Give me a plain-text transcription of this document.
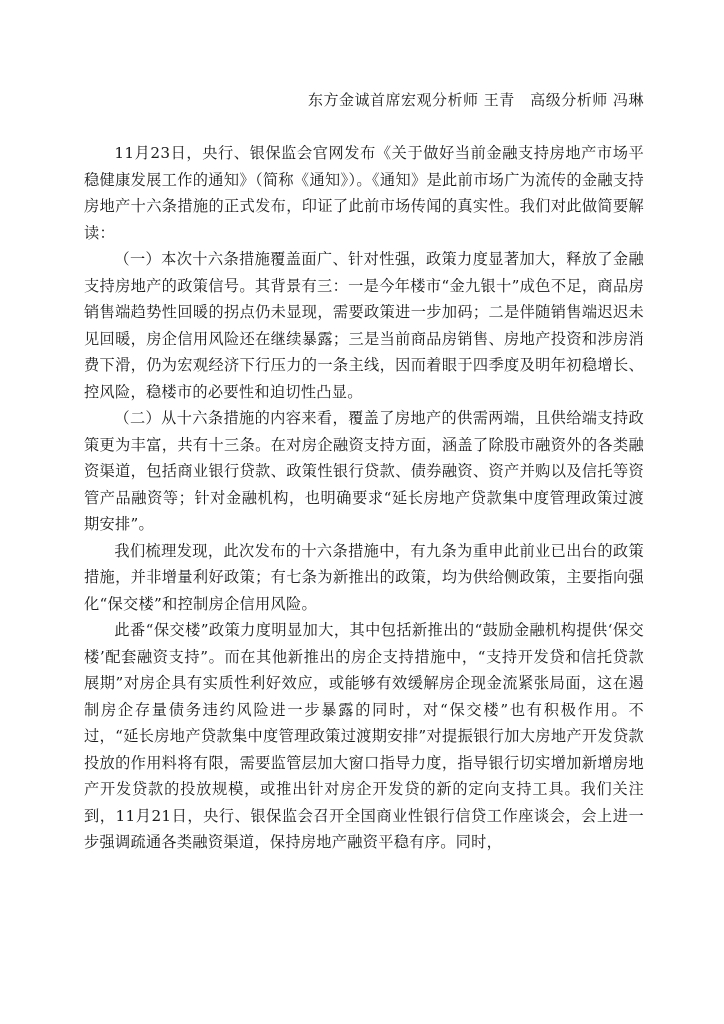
东方金诚首席宏观分析师 王青　高级分析师 冯琳

11月23日，央行、银保监会官网发布《关于做好当前金融支持房地产市场平稳健康发展工作的通知》（简称《通知》）。《通知》是此前市场广为流传的金融支持房地产十六条措施的正式发布，印证了此前市场传闻的真实性。我们对此做简要解读：

（一）本次十六条措施覆盖面广、针对性强，政策力度显著加大，释放了金融支持房地产的政策信号。其背景有三：一是今年楼市“金九银十”成色不足，商品房销售端趋势性回暖的拐点仍未显现，需要政策进一步加码；二是伴随销售端迟迟未见回暖，房企信用风险还在继续暴露；三是当前商品房销售、房地产投资和涉房消费下滑，仍为宏观经济下行压力的一条主线，因而着眼于四季度及明年初稳增长、控风险，稳楼市的必要性和迫切性凸显。

（二）从十六条措施的内容来看，覆盖了房地产的供需两端，且供给端支持政策更为丰富，共有十三条。在对房企融资支持方面，涵盖了除股市融资外的各类融资渠道，包括商业银行贷款、政策性银行贷款、债券融资、资产并购以及信托等资管产品融资等；针对金融机构，也明确要求“延长房地产贷款集中度管理政策过渡期安排”。

我们梳理发现，此次发布的十六条措施中，有九条为重申此前业已出台的政策措施，并非增量利好政策；有七条为新推出的政策，均为供给侧政策，主要指向强化“保交楼”和控制房企信用风险。

此番“保交楼”政策力度明显加大，其中包括新推出的“鼓励金融机构提供‘保交楼’配套融资支持”。而在其他新推出的房企支持措施中，“支持开发贷和信托贷款展期”对房企具有实质性利好效应，或能够有效缓解房企现金流紧张局面，这在遏制房企存量债务违约风险进一步暴露的同时，对“保交楼”也有积极作用。不过，“延长房地产贷款集中度管理政策过渡期安排”对提振银行加大房地产开发贷款投放的作用料将有限，需要监管层加大窗口指导力度，指导银行切实增加新增房地产开发贷款的投放规模，或推出针对房企开发贷的新的定向支持工具。我们关注到，11月21日，央行、银保监会召开全国商业性银行信贷工作座谈会，会上进一步强调疏通各类融资渠道，保持房地产融资平稳有序。同时，
